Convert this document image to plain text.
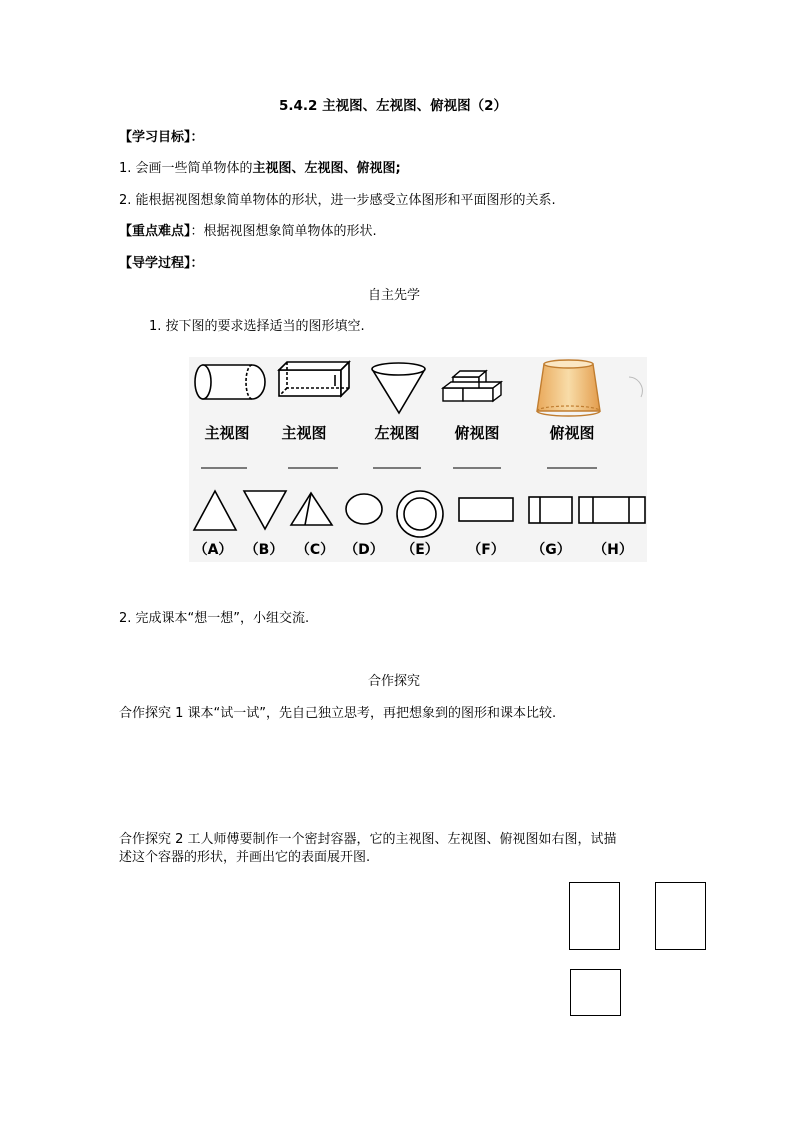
5.4.2 主视图、左视图、俯视图（2）
【学习目标】：
1. 会画一些简单物体的主视图、左视图、俯视图;
2. 能根据视图想象简单物体的形状，进一步感受立体图形和平面图形的关系.
【重点难点】：根据视图想象简单物体的形状.
【导学过程】：
自主先学
1. 按下图的要求选择适当的图形填空.
主视图 主视图	左视图 俯视图	俯视图
（A） （B） （C） （D） （E） （F） （G） （H）
2. 完成课本“想一想”，小组交流.
合作探究
合作探究 1 课本“试一试”，先自己独立思考，再把想象到的图形和课本比较.
合作探究 2 工人师傅要制作一个密封容器，它的主视图、左视图、俯视图如右图，试描
述这个容器的形状，并画出它的表面展开图.
